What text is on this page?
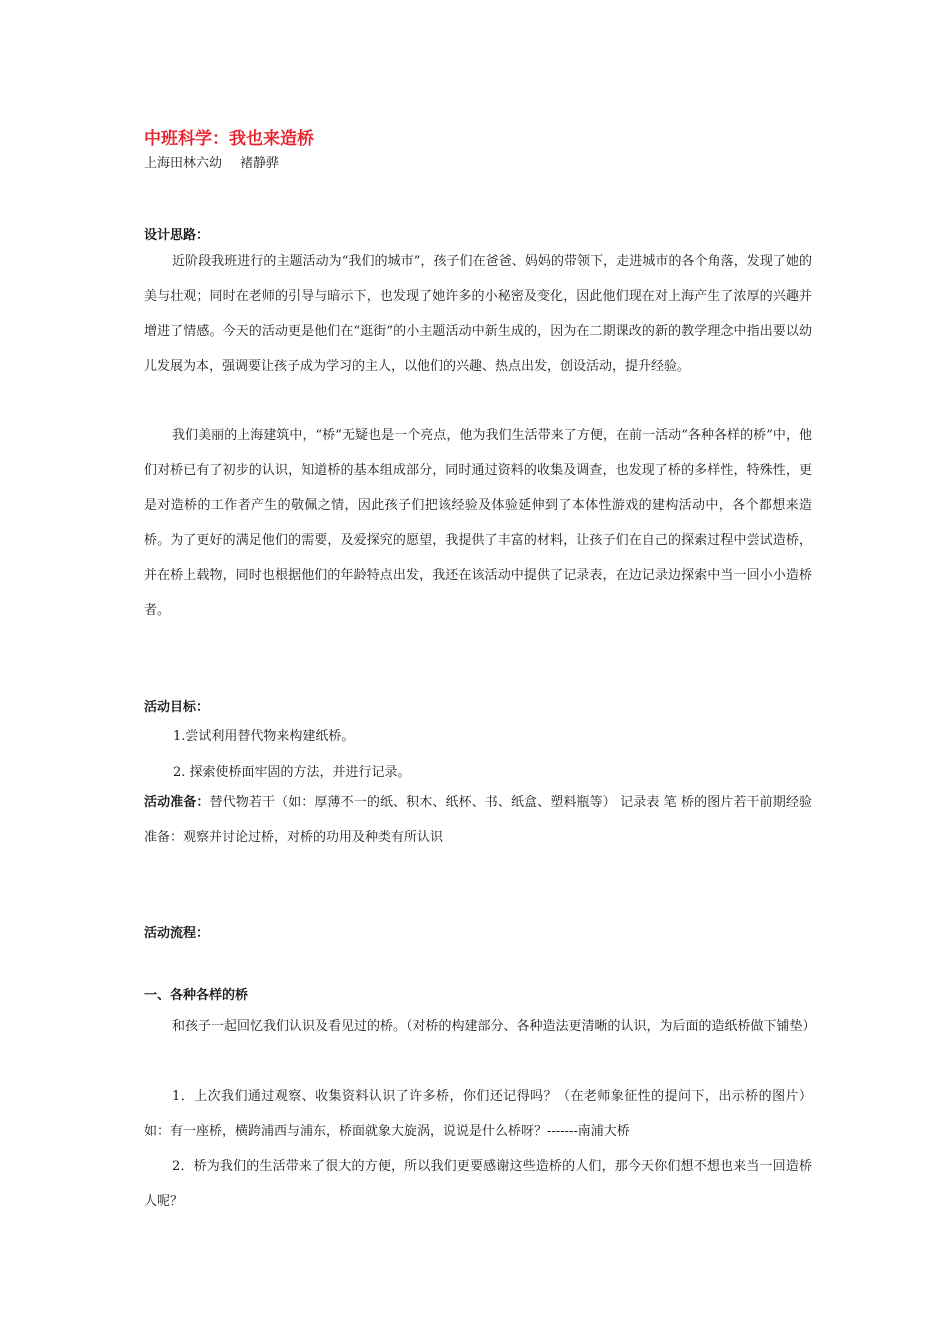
中班科学：我也来造桥
上海田林六幼 褚静骅
设计思路：
近阶段我班进行的主题活动为“我们的城市”，孩子们在爸爸、妈妈的带领下，走进城市的各个角落，发现了她的美与壮观；同时在老师的引导与暗示下，也发现了她许多的小秘密及变化，因此他们现在对上海产生了浓厚的兴趣并增进了情感。今天的活动更是他们在“逛街”的小主题活动中新生成的，因为在二期课改的新的教学理念中指出要以幼儿发展为本，强调要让孩子成为学习的主人，以他们的兴趣、热点出发，创设活动，提升经验。
我们美丽的上海建筑中，“桥”无疑也是一个亮点，他为我们生活带来了方便，在前一活动“各种各样的桥”中，他们对桥已有了初步的认识，知道桥的基本组成部分，同时通过资料的收集及调查，也发现了桥的多样性，特殊性，更是对造桥的工作者产生的敬佩之情，因此孩子们把该经验及体验延伸到了本体性游戏的建构活动中，各个都想来造桥。为了更好的满足他们的需要，及爱探究的愿望，我提供了丰富的材料，让孩子们在自己的探索过程中尝试造桥，并在桥上载物，同时也根据他们的年龄特点出发，我还在该活动中提供了记录表，在边记录边探索中当一回小小造桥者。
活动目标：
1.尝试利用替代物来构建纸桥。
2. 探索使桥面牢固的方法，并进行记录。
活动准备：替代物若干（如：厚薄不一的纸、积木、纸杯、书、纸盒、塑料瓶等） 记录表 笔 桥的图片若干前期经验准备：观察并讨论过桥，对桥的功用及种类有所认识
活动流程：
一、各种各样的桥
和孩子一起回忆我们认识及看见过的桥。（对桥的构建部分、各种造法更清晰的认识，为后面的造纸桥做下铺垫）
1．上次我们通过观察、收集资料认识了许多桥，你们还记得吗？（在老师象征性的提问下，出示桥的图片）如：有一座桥，横跨浦西与浦东，桥面就象大旋涡，说说是什么桥呀？-------南浦大桥
2．桥为我们的生活带来了很大的方便，所以我们更要感谢这些造桥的人们，那今天你们想不想也来当一回造桥人呢？
